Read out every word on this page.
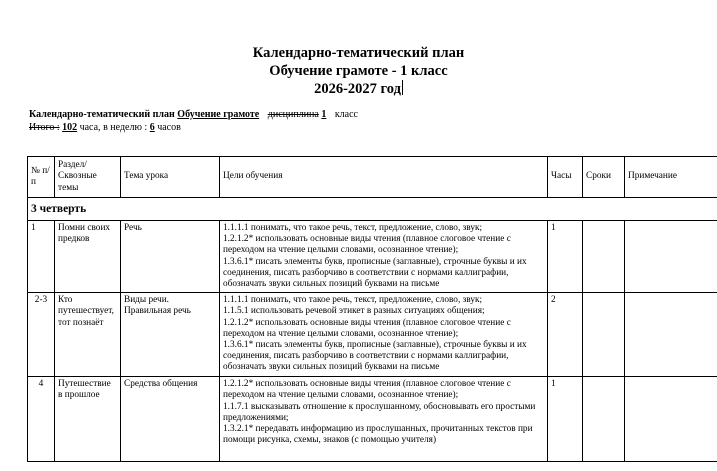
Календарно-тематический план
Обучение грамоте - 1 класс
2026-2027 год
Календарно-тематический план Обучение грамоте дисциплина 1 класс
Итого : 102 часа, в неделю : 6 часов
№ п/п	Раздел/ Сквозные темы	Тема урока	Цели обучения	Часы	Сроки	Примечание
3 четверть						
1	Помни своих предков	Речь	1.1.1.1 понимать, что такое речь, текст, предложение, слово, звук;
1.2.1.2* использовать основные виды чтения (плавное слоговое чтение с переходом на чтение целыми словами, осознанное чтение);
1.3.6.1* писать элементы букв, прописные (заглавные), строчные буквы и их соединения, писать разборчиво в соответствии с нормами каллиграфии, обозначать звуки сильных позиций буквами на письме	1		
2-3	Кто путешествует, тот познаёт	Виды речи. Правильная речь	1.1.1.1 понимать, что такое речь, текст, предложение, слово, звук;
1.1.5.1 использовать речевой этикет в разных ситуациях общения;
1.2.1.2* использовать основные виды чтения (плавное слоговое чтение с переходом на чтение целыми словами, осознанное чтение);
1.3.6.1* писать элементы букв, прописные (заглавные), строчные буквы и их соединения, писать разборчиво в соответствии с нормами каллиграфии, обозначать звуки сильных позиций буквами на письме	2		
4	Путешествие в прошлое	Средства общения	1.2.1.2* использовать основные виды чтения (плавное слоговое чтение с переходом на чтение целыми словами, осознанное чтение);
1.1.7.1 высказывать отношение к прослушанному, обосновывать его простыми предложениями;
1.3.2.1* передавать информацию из прослушанных, прочитанных текстов при помощи рисунка, схемы, знаков (с помощью учителя)	1		
